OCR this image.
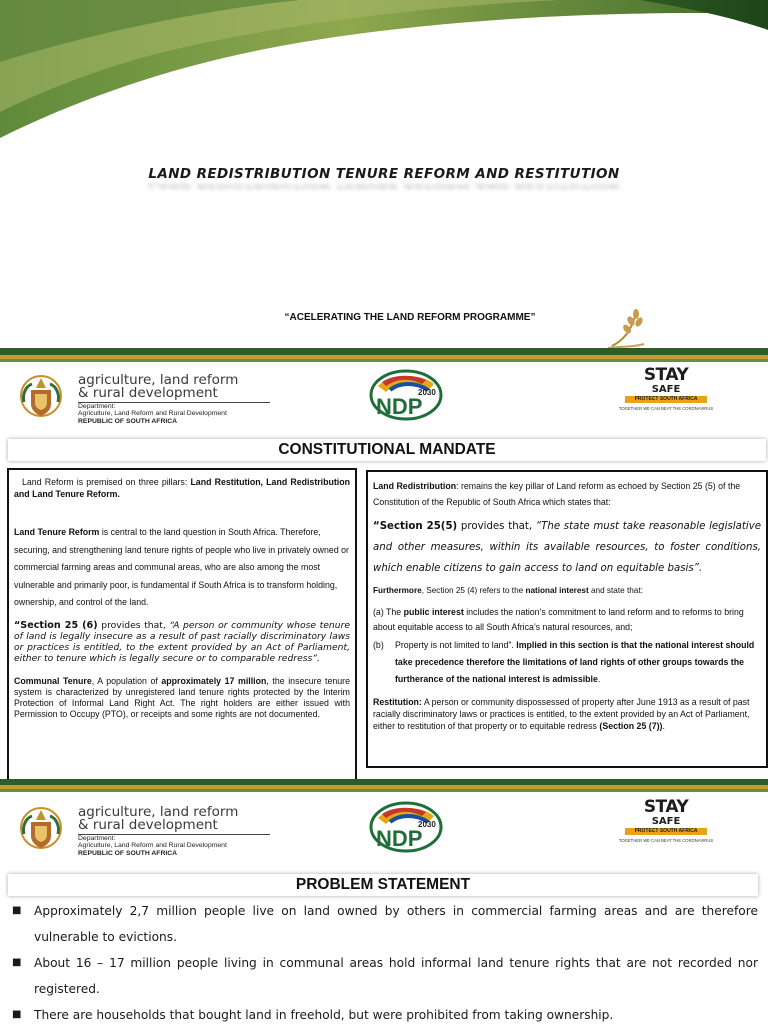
LAND REDISTRIBUTION TENURE REFORM AND RESTITUTION
LAND REDISTRIBUTION TENURE REFORM AND RESTITUTION
“ACELERATING THE LAND REFORM PROGRAMME”
agriculture, land reform
& rural development
Department:
Agriculture, Land Reform and Rural Development
REPUBLIC OF SOUTH AFRICA
2030
NDP
STAY
SAFE
PROTECT SOUTH AFRICA
TOGETHER WE CAN BEAT THE CORONAVIRUS
CONSTITUTIONAL MANDATE

Land Reform is premised on three pillars: Land Restitution, Land Redistribution and Land Tenure Reform.

Land Tenure Reform is central to the land question in South Africa. Therefore, securing, and strengthening land tenure rights of people who live in privately owned or commercial farming areas and communal areas, who are also among the most vulnerable and primarily poor, is fundamental if South Africa is to transform holding, ownership, and control of the land.

“Section 25 (6) provides that, “A person or community whose tenure of land is legally insecure as a result of past racially discriminatory laws or practices is entitled, to the extent provided by an Act of Parliament, either to tenure which is legally secure or to comparable redress”.

Communal Tenure, A population of approximately 17 million, the insecure tenure system is characterized by unregistered land tenure rights protected by the Interim Protection of Informal Land Right Act. The right holders are either issued with Permission to Occupy (PTO), or receipts and some rights are not documented.

Land Redistribution: remains the key pillar of Land reform as echoed by Section 25 (5) of the Constitution of the Republic of South Africa which states that:

“Section 25(5) provides that, “The state must take reasonable legislative and other measures, within its available resources, to foster conditions, which enable citizens to gain access to land on equitable basis”.

Furthermore, Section 25 (4) refers to the national interest and state that:

(a) The public interest includes the nation’s commitment to land reform and to reforms to bring about equitable access to all South Africa’s natural resources, and;

(b)	Property is not limited to land”. Implied in this section is that the national interest should take precedence therefore the limitations of land rights of other groups towards the furtherance of the national interest is admissible.

Restitution: A person or community dispossessed of property after June 1913 as a result of past racially discriminatory laws or practices is entitled, to the extent provided by an Act of Parliament, either to restitution of that property or to equitable redress (Section 25 (7)).

agriculture, land reform
& rural development
Department:
Agriculture, Land Reform and Rural Development
REPUBLIC OF SOUTH AFRICA
2030
NDP
STAY
SAFE
PROTECT SOUTH AFRICA
TOGETHER WE CAN BEAT THE CORONAVIRUS
PROBLEM STATEMENT
■	Approximately 2,7 million people live on land owned by others in commercial farming areas and are therefore vulnerable to evictions.
■	About 16 – 17 million people living in communal areas hold informal land tenure rights that are not recorded nor registered.
■	There are households that bought land in freehold, but were prohibited from taking ownership.
